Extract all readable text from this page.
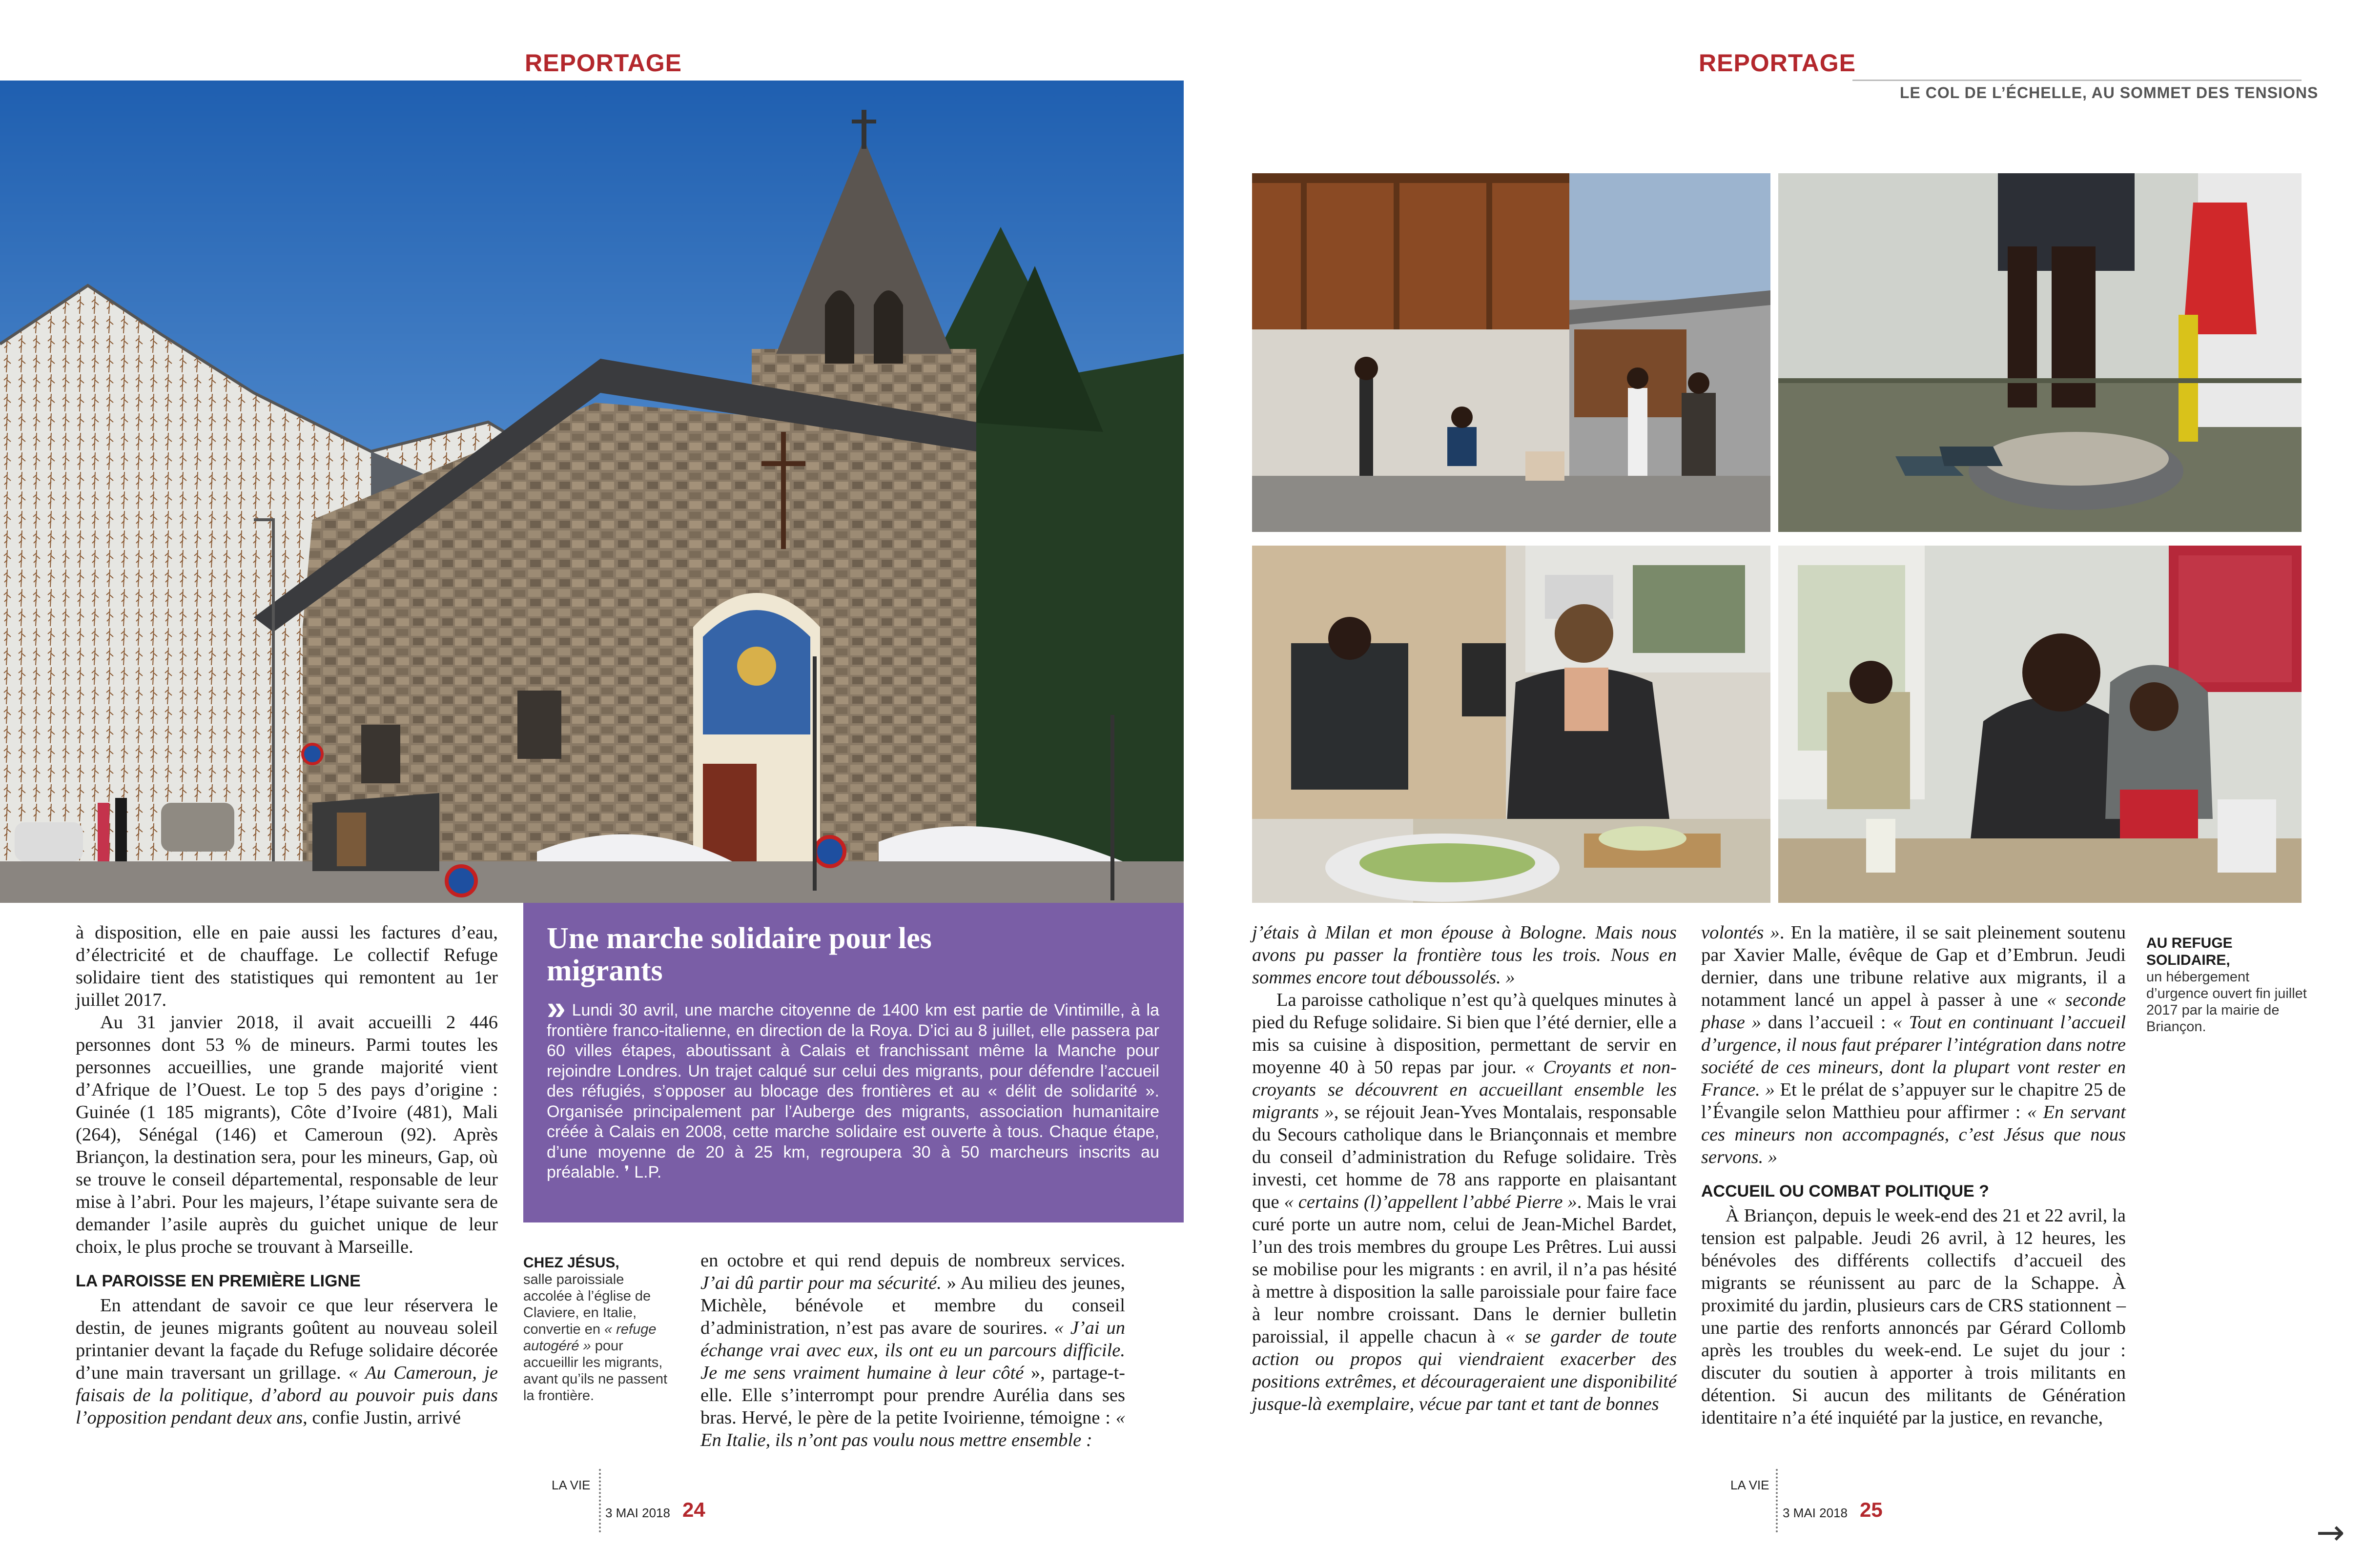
REPORTAGE

à disposition, elle en paie aussi les factures d’eau, d’électricité et de chauffage. Le collectif Refuge solidaire tient des statistiques qui remontent au 1er juillet 2017.

Au 31 janvier 2018, il avait accueilli 2 446 personnes dont 53 % de mineurs. Parmi toutes les personnes accueillies, une grande majorité vient d’Afrique de l’Ouest. Le top 5 des pays d’origine : Guinée (1 185 migrants), Côte d’Ivoire (481), Mali (264), Sénégal (146) et Cameroun (92). Après Briançon, la destination sera, pour les mineurs, Gap, où se trouve le conseil départemental, responsable de leur mise à l’abri. Pour les majeurs, l’étape suivante sera de demander l’asile auprès du guichet unique de leur choix, le plus proche se trouvant à Marseille.

LA PAROISSE EN PREMIÈRE LIGNE

En attendant de savoir ce que leur réservera le destin, de jeunes migrants goûtent au nouveau soleil printanier devant la façade du Refuge solidaire décorée d’une main traversant un grillage. « Au Cameroun, je faisais de la politique, d’abord au pouvoir puis dans l’opposition pendant deux ans, confie Justin, arrivé

Une marche solidaire pour les migrants
» Lundi 30 avril, une marche citoyenne de 1400 km est partie de Vintimille, à la frontière franco-italienne, en direction de la Roya. D’ici au 8 juillet, elle passera par 60 villes étapes, aboutissant à Calais et franchissant même la Manche pour rejoindre Londres. Un trajet calqué sur celui des migrants, pour défendre l’accueil des réfugiés, s’opposer au blocage des frontières et au « délit de solidarité ». Organisée principalement par l’Auberge des migrants, association humanitaire créée à Calais en 2008, cette marche solidaire est ouverte à tous. Chaque étape, d’une moyenne de 20 à 25 km, regroupera 30 à 50 marcheurs inscrits au préalable. ❜ L.P.
CHEZ JÉSUS,
salle paroissiale accolée à l’église de Claviere, en Italie, convertie en « refuge autogéré » pour accueillir les migrants, avant qu’ils ne passent la frontière.

en octobre et qui rend depuis de nombreux services. J’ai dû partir pour ma sécurité. » Au milieu des jeunes, Michèle, bénévole et membre du conseil d’administration, n’est pas avare de sourires. « J’ai un échange vrai avec eux, ils ont eu un parcours difficile. Je me sens vraiment humaine à leur côté », partage-t-elle. Elle s’interrompt pour prendre Aurélia dans ses bras. Hervé, le père de la petite Ivoirienne, témoigne : « En Italie, ils n’ont pas voulu nous mettre ensemble :

LA VIE
3 MAI 2018 24
REPORTAGE
LE COL DE L’ÉCHELLE, AU SOMMET DES TENSIONS

j’étais à Milan et mon épouse à Bologne. Mais nous avons pu passer la frontière tous les trois. Nous en sommes encore tout déboussolés. »

La paroisse catholique n’est qu’à quelques minutes à pied du Refuge solidaire. Si bien que l’été dernier, elle a mis sa cuisine à disposition, permettant de servir en moyenne 40 à 50 repas par jour. « Croyants et non-croyants se découvrent en accueillant ensemble les migrants », se réjouit Jean-Yves Montalais, responsable du Secours catholique dans le Briançonnais et membre du conseil d’administration du Refuge solidaire. Très investi, cet homme de 78 ans rapporte en plaisantant que « certains (l)’appellent l’abbé Pierre ». Mais le vrai curé porte un autre nom, celui de Jean-Michel Bardet, l’un des trois membres du groupe Les Prêtres. Lui aussi se mobilise pour les migrants : en avril, il n’a pas hésité à mettre à disposition la salle paroissiale pour faire face à leur nombre croissant. Dans le dernier bulletin paroissial, il appelle chacun à « se garder de toute action ou propos qui viendraient exacerber des positions extrêmes, et décourageraient une disponibilité jusque-là exemplaire, vécue par tant et tant de bonnes

volontés ». En la matière, il se sait pleinement soutenu par Xavier Malle, évêque de Gap et d’Embrun. Jeudi dernier, dans une tribune relative aux migrants, il a notamment lancé un appel à passer à une « seconde phase » dans l’accueil : « Tout en continuant l’accueil d’urgence, il nous faut préparer l’intégration dans notre société de ces mineurs, dont la plupart vont rester en France. » Et le prélat de s’appuyer sur le chapitre 25 de l’Évangile selon Matthieu pour affirmer : « En servant ces mineurs non accompagnés, c’est Jésus que nous servons. »

ACCUEIL OU COMBAT POLITIQUE ?

À Briançon, depuis le week-end des 21 et 22 avril, la tension est palpable. Jeudi 26 avril, à 12 heures, les bénévoles des différents collectifs d’accueil des migrants se réunissent au parc de la Schappe. À proximité du jardin, plusieurs cars de CRS stationnent – une partie des renforts annoncés par Gérard Collomb après les troubles du week-end. Le sujet du jour : discuter du soutien à apporter à trois militants en détention. Si aucun des militants de Génération identitaire n’a été inquiété par la justice, en revanche,

AU REFUGE SOLIDAIRE,
un hébergement d’urgence ouvert fin juillet 2017 par la mairie de Briançon.
LA VIE
3 MAI 2018 25
→
